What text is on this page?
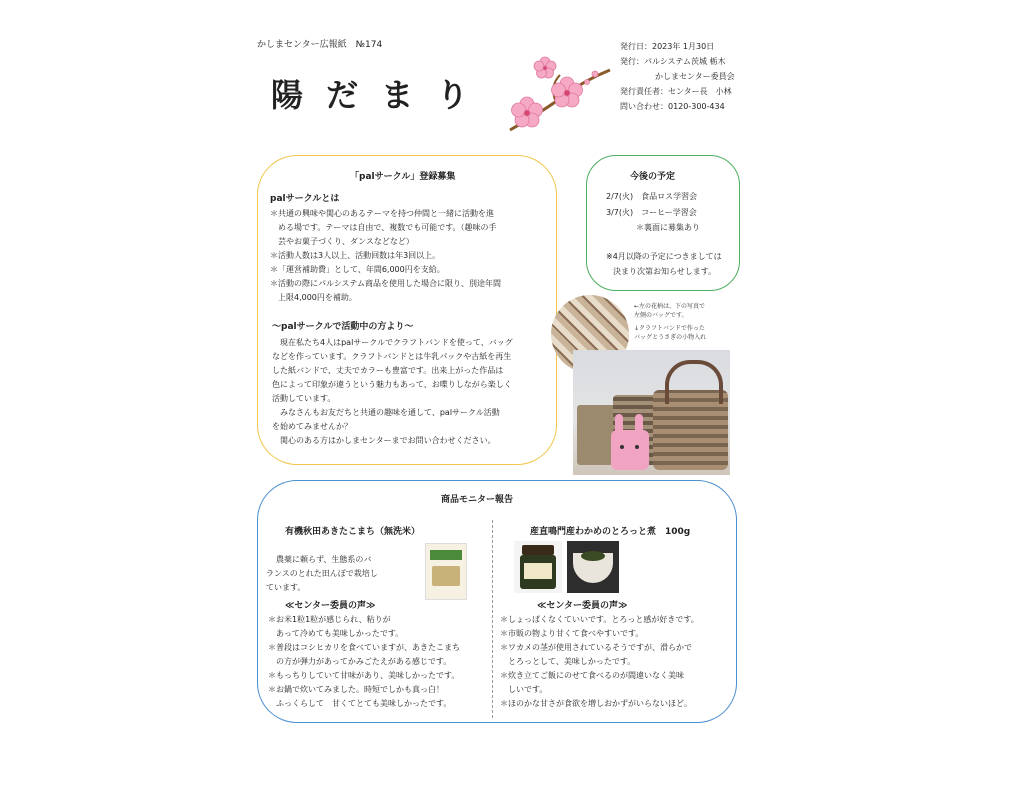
かしまセンター広報紙　№174
陽 だ ま り
発行日：2023年 1月30日
発行：パルシステム茨城 栃木
かしまセンター委員会
発行責任者：センター長　小林
問い合わせ：0120-300-434
「palサークル」登録募集
palサークルとは
＊共通の興味や関心のあるテーマを持つ仲間と一緒に活動を進
　める場です。テーマは自由で、複数でも可能です。（趣味の手
　芸やお菓子づくり、ダンスなどなど）
＊活動人数は3人以上、活動回数は年3回以上。
＊「運営補助費」として、年間6,000円を支給。
＊活動の際にパルシステム商品を使用した場合に限り、別途年間
　上限4,000円を補助。
～palサークルで活動中の方より～
　現在私たち4人はpalサークルでクラフトバンドを使って、バッグ
などを作っています。クラフトバンドとは牛乳パックや古紙を再生
した紙バンドで、丈夫でカラーも豊富です。出来上がった作品は
色によって印象が違うという魅力もあって、お喋りしながら楽しく
活動しています。
　みなさんもお友だちと共通の趣味を通して、palサークル活動
を始めてみませんか？
　関心のある方はかしまセンターまでお問い合わせください。
今後の予定
2/7(火)　食品ロス学習会
3/7(火)　コーヒー学習会
＊裏面に募集あり
※4月以降の予定につきましては
決まり次第お知らせします。
←左の花柄は、下の写真で
左側のバッグです。
↓クラフトバンドで作った
バッグとうさぎの小物入れ
商品モニター報告
有機秋田あきたこまち（無洗米）
農薬に頼らず、生態系のバ
ランスのとれた田んぼで栽培し
ています。
≪センター委員の声≫
＊お米1粒1粒が感じられ、粘りが
　あって冷めても美味しかったです。
＊普段はコシヒカリを食べていますが、あきたこまち
　の方が弾力があってかみごたえがある感じです。
＊もっちりしていて甘味があり、美味しかったです。
＊お鍋で炊いてみました。時短でしかも真っ白！
　ふっくらして　甘くてとても美味しかったです。
産直鳴門産わかめのとろっと煮　100g
≪センター委員の声≫
＊しょっぱくなくていいです。とろっと感が好きです。
＊市販の物より甘くて食べやすいです。
＊ワカメの茎が使用されているそうですが、滑らかで
　とろっとして、美味しかったです。
＊炊き立てご飯にのせて食べるのが間違いなく美味
　しいです。
＊ほのかな甘さが食欲を増しおかずがいらないほど。
